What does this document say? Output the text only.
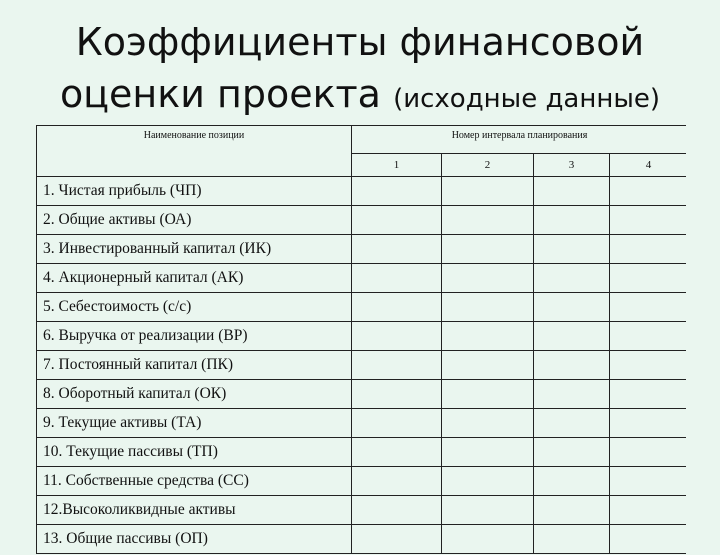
Коэффициенты финансовой
оценки проекта (исходные данные)
Наименование позиции	Номер интервала планирования			
	1	2	3	4
1. Чистая прибыль (ЧП)				
2. Общие активы (ОА)				
3. Инвестированный капитал (ИК)				
4. Акционерный капитал (АК)				
5. Себестоимость (с/с)				
6. Выручка от реализации (ВР)				
7. Постоянный капитал (ПК)				
8. Оборотный капитал (ОК)				
9. Текущие активы (ТА)				
10. Текущие пассивы (ТП)				
11. Собственные средства (СС)				
12.Высоколиквидные активы				
13. Общие пассивы (ОП)				
